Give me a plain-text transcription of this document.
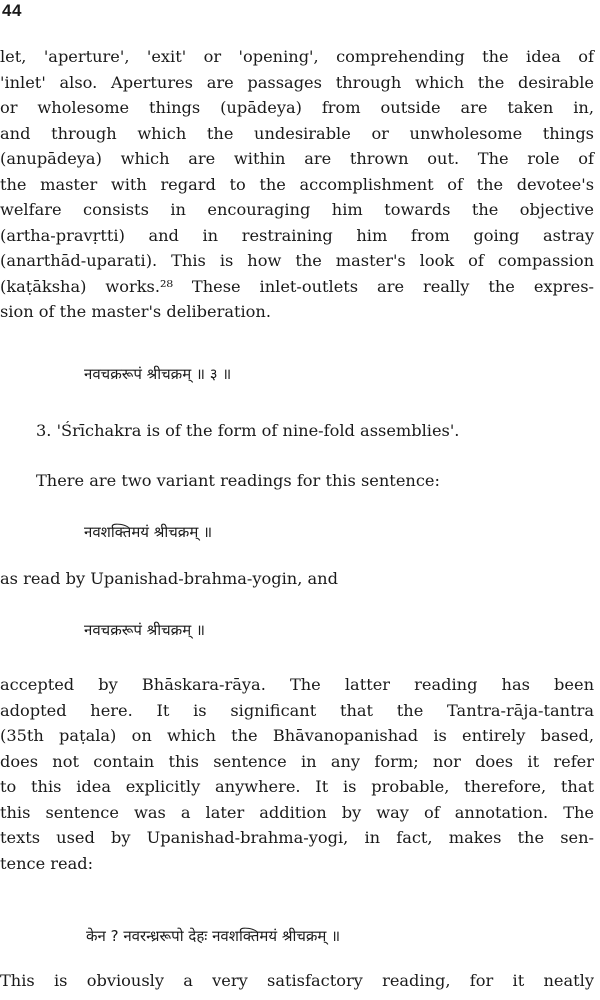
44
let, 'aperture', 'exit' or 'opening', comprehending the idea of
'inlet' also. Apertures are passages through which the desirable
or wholesome things (upādeya) from outside are taken in,
and through which the undesirable or unwholesome things
(anupādeya) which are within are thrown out. The role of
the master with regard to the accomplishment of the devotee's
welfare consists in encouraging him towards the objective
(artha-pravṛtti) and in restraining him from going astray
(anarthād-uparati). This is how the master's look of compassion
(kaṭāksha) works.²⁸ These inlet-outlets are really the expres-
sion of the master's deliberation.
नवचक्ररूपं श्रीचक्रम् ॥ ३ ॥
3. 'Śrīchakra is of the form of nine-fold assemblies'.
There are two variant readings for this sentence:
नवशक्तिमयं श्रीचक्रम् ॥
as read by Upanishad-brahma-yogin, and
नवचक्ररूपं श्रीचक्रम् ॥
accepted by Bhāskara-rāya. The latter reading has been
adopted here. It is significant that the Tantra-rāja-tantra
(35th paṭala) on which the Bhāvanopanishad is entirely based,
does not contain this sentence in any form; nor does it refer
to this idea explicitly anywhere. It is probable, therefore, that
this sentence was a later addition by way of annotation. The
texts used by Upanishad-brahma-yogi, in fact, makes the sen-
tence read:
केन ? नवरन्ध्ररूपो देहः नवशक्तिमयं श्रीचक्रम् ॥
This is obviously a very satisfactory reading, for it neatly
